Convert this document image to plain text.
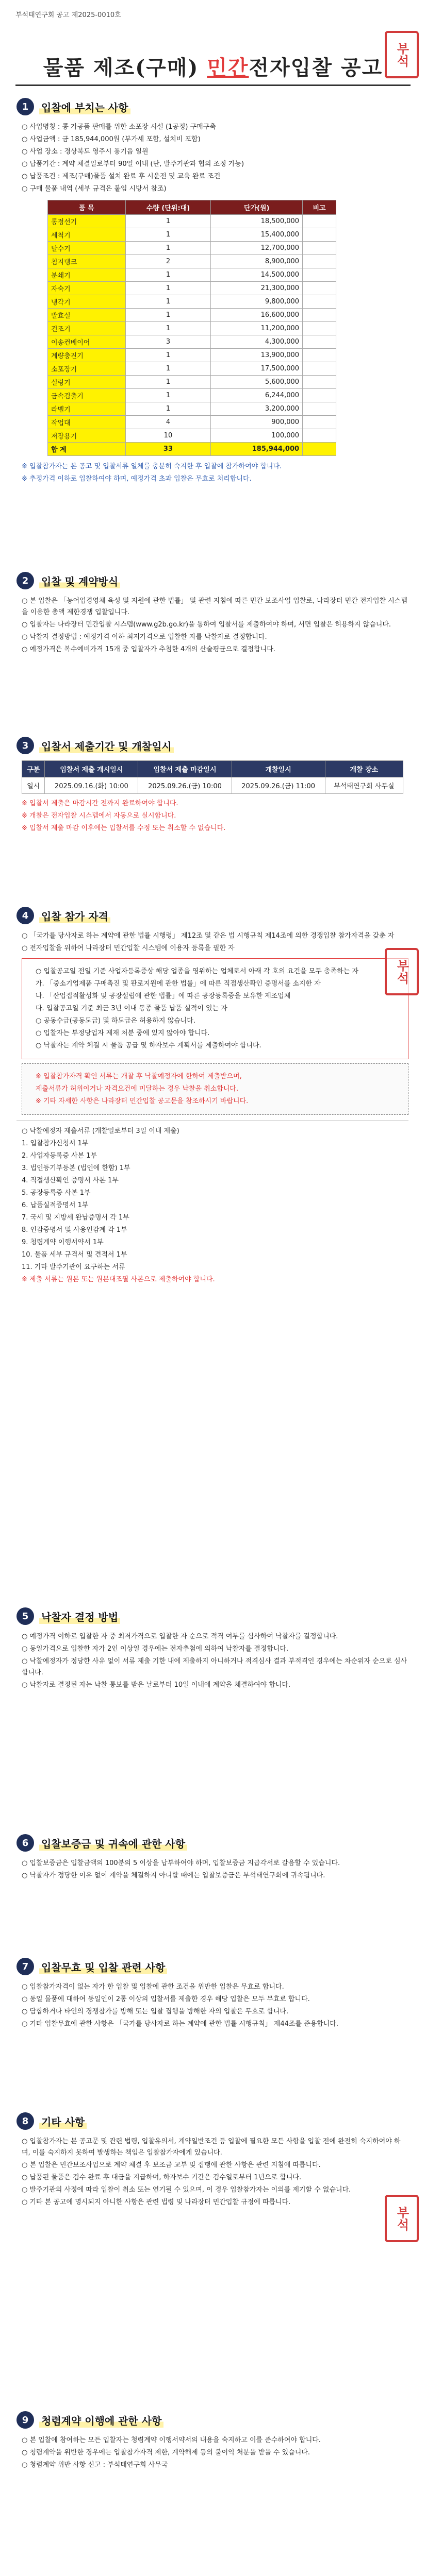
부석태연구회 공고 제2025-0010호
부석
물품 제조(구매) 민간전자입찰 공고
1	입찰에 부치는 사항
○ 사업명칭 : 콩 가공품 판매를 위한 소포장 시설 (1공정) 구매구축
○ 사업금액 : 금 185,944,000원 (부가세 포함, 설치비 포함)
○ 사업 장소 : 경상북도 영주시 풍기읍 일원
○ 납품기간 : 계약 체결일로부터 90일 이내 (단, 발주기관과 협의 조정 가능)
○ 납품조건 : 제조(구매)물품 설치 완료 후 시운전 및 교육 완료 조건
○ 구매 물품 내역 (세부 규격은 붙임 시방서 참조)
품 목	수량 (단위:대)	단가(원)	비고
콩정선기	1	18,500,000	
세척기	1	15,400,000	
탈수기	1	12,700,000	
침지탱크	2	8,900,000	
분쇄기	1	14,500,000	
자숙기	1	21,300,000	
냉각기	1	9,800,000	
발효실	1	16,600,000	
건조기	1	11,200,000	
이송컨베이어	3	4,300,000	
계량충진기	1	13,900,000	
소포장기	1	17,500,000	
실링기	1	5,600,000	
금속검출기	1	6,244,000	
라벨기	1	3,200,000	
작업대	4	900,000	
저장용기	10	100,000	
합 계	33	185,944,000	
※ 입찰참가자는 본 공고 및 입찰서류 일체를 충분히 숙지한 후 입찰에 참가하여야 합니다.
※ 추정가격 이하로 입찰하여야 하며, 예정가격 초과 입찰은 무효로 처리합니다.
2	입찰 및 계약방식
○ 본 입찰은 「농어업경영체 육성 및 지원에 관한 법률」 및 관련 지침에 따른 민간 보조사업 입찰로, 나라장터 민간 전자입찰 시스템을 이용한 총액 제한경쟁 입찰입니다.
○ 입찰자는 나라장터 민간입찰 시스템(www.g2b.go.kr)을 통하여 입찰서를 제출하여야 하며, 서면 입찰은 허용하지 않습니다.
○ 낙찰자 결정방법 : 예정가격 이하 최저가격으로 입찰한 자를 낙찰자로 결정합니다.
○ 예정가격은 복수예비가격 15개 중 입찰자가 추첨한 4개의 산술평균으로 결정합니다.
3	입찰서 제출기간 및 개찰일시
구분	입찰서 제출 개시일시	입찰서 제출 마감일시	개찰일시	개찰 장소
일시	2025.09.16.(화) 10:00	2025.09.26.(금) 10:00	2025.09.26.(금) 11:00	부석태연구회 사무실
※ 입찰서 제출은 마감시간 전까지 완료하여야 합니다.
※ 개찰은 전자입찰 시스템에서 자동으로 실시합니다.
※ 입찰서 제출 마감 이후에는 입찰서를 수정 또는 취소할 수 없습니다.
4	입찰 참가 자격
○ 「국가를 당사자로 하는 계약에 관한 법률 시행령」 제12조 및 같은 법 시행규칙 제14조에 의한 경쟁입찰 참가자격을 갖춘 자
○ 전자입찰을 위하여 나라장터 민간입찰 시스템에 이용자 등록을 필한 자
○ 입찰공고일 전일 기준 사업자등록증상 해당 업종을 영위하는 업체로서 아래 각 호의 요건을 모두 충족하는 자
가. 「중소기업제품 구매촉진 및 판로지원에 관한 법률」에 따른 직접생산확인 증명서를 소지한 자
나. 「산업집적활성화 및 공장설립에 관한 법률」에 따른 공장등록증을 보유한 제조업체
다. 입찰공고일 기준 최근 3년 이내 동종 물품 납품 실적이 있는 자
○ 공동수급(공동도급) 및 하도급은 허용하지 않습니다.
○ 입찰자는 부정당업자 제재 처분 중에 있지 않아야 합니다.
○ 낙찰자는 계약 체결 시 물품 공급 및 하자보수 계획서를 제출하여야 합니다.
※ 입찰참가자격 확인 서류는 개찰 후 낙찰예정자에 한하여 제출받으며,
제출서류가 허위이거나 자격요건에 미달하는 경우 낙찰을 취소합니다.
※ 기타 자세한 사항은 나라장터 민간입찰 공고문을 참조하시기 바랍니다.
○ 낙찰예정자 제출서류 (개찰일로부터 3일 이내 제출)
1. 입찰참가신청서 1부
2. 사업자등록증 사본 1부
3. 법인등기부등본 (법인에 한함) 1부
4. 직접생산확인 증명서 사본 1부
5. 공장등록증 사본 1부
6. 납품실적증명서 1부
7. 국세 및 지방세 완납증명서 각 1부
8. 인감증명서 및 사용인감계 각 1부
9. 청렴계약 이행서약서 1부
10. 물품 세부 규격서 및 견적서 1부
11. 기타 발주기관이 요구하는 서류
※ 제출 서류는 원본 또는 원본대조필 사본으로 제출하여야 합니다.
부석
5	낙찰자 결정 방법
○ 예정가격 이하로 입찰한 자 중 최저가격으로 입찰한 자 순으로 적격 여부를 심사하여 낙찰자를 결정합니다.
○ 동일가격으로 입찰한 자가 2인 이상일 경우에는 전자추첨에 의하여 낙찰자를 결정합니다.
○ 낙찰예정자가 정당한 사유 없이 서류 제출 기한 내에 제출하지 아니하거나 적격심사 결과 부적격인 경우에는 차순위자 순으로 심사합니다.
○ 낙찰자로 결정된 자는 낙찰 통보를 받은 날로부터 10일 이내에 계약을 체결하여야 합니다.
6	입찰보증금 및 귀속에 관한 사항
○ 입찰보증금은 입찰금액의 100분의 5 이상을 납부하여야 하며, 입찰보증금 지급각서로 갈음할 수 있습니다.
○ 낙찰자가 정당한 이유 없이 계약을 체결하지 아니할 때에는 입찰보증금은 부석태연구회에 귀속됩니다.
7	입찰무효 및 입찰 관련 사항
○ 입찰참가자격이 없는 자가 한 입찰 및 입찰에 관한 조건을 위반한 입찰은 무효로 합니다.
○ 동일 물품에 대하여 동일인이 2통 이상의 입찰서를 제출한 경우 해당 입찰은 모두 무효로 합니다.
○ 담합하거나 타인의 경쟁참가를 방해 또는 입찰 집행을 방해한 자의 입찰은 무효로 합니다.
○ 기타 입찰무효에 관한 사항은 「국가를 당사자로 하는 계약에 관한 법률 시행규칙」 제44조를 준용합니다.
8	기타 사항
○ 입찰참가자는 본 공고문 및 관련 법령, 입찰유의서, 계약일반조건 등 입찰에 필요한 모든 사항을 입찰 전에 완전히 숙지하여야 하며, 이를 숙지하지 못하여 발생하는 책임은 입찰참가자에게 있습니다.
○ 본 입찰은 민간보조사업으로 계약 체결 후 보조금 교부 및 집행에 관한 사항은 관련 지침에 따릅니다.
○ 납품된 물품은 검수 완료 후 대금을 지급하며, 하자보수 기간은 검수일로부터 1년으로 합니다.
○ 발주기관의 사정에 따라 입찰이 취소 또는 연기될 수 있으며, 이 경우 입찰참가자는 이의를 제기할 수 없습니다.
○ 기타 본 공고에 명시되지 아니한 사항은 관련 법령 및 나라장터 민간입찰 규정에 따릅니다.
부석
9	청렴계약 이행에 관한 사항
○ 본 입찰에 참여하는 모든 입찰자는 청렴계약 이행서약서의 내용을 숙지하고 이를 준수하여야 합니다.
○ 청렴계약을 위반한 경우에는 입찰참가자격 제한, 계약해제 등의 불이익 처분을 받을 수 있습니다.
○ 청렴계약 위반 사항 신고 : 부석태연구회 사무국
